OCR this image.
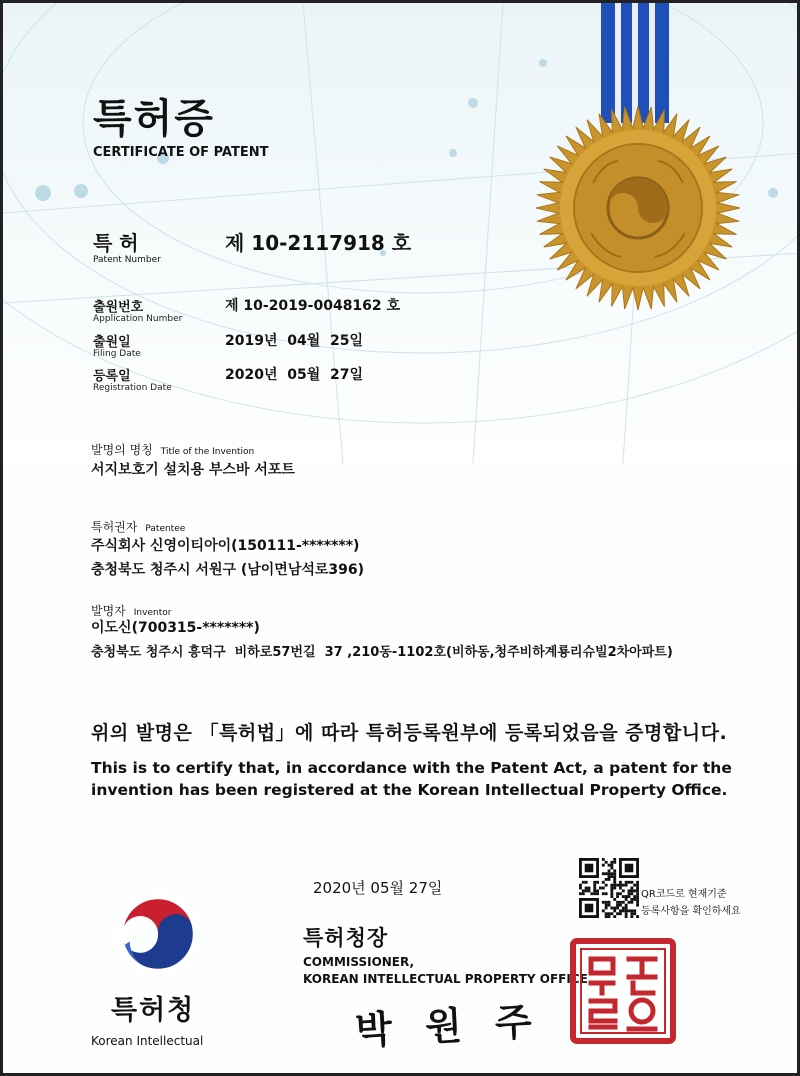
특허증
CERTIFICATE OF PATENT
특 허
Patent Number
제 10-2117918 호
출원번호
Application Number
제 10-2019-0048162 호
출원일
Filing Date
2019년  04월  25일
등록일
Registration Date
2020년  05월  27일
발명의 명칭 Title of the Invention
서지보호기 설치용 부스바 서포트
특허권자 Patentee
주식회사 신영이티아이(150111-*******)
충청북도 청주시 서원구 (남이면남석로396)
발명자 Inventor
이도신(700315-*******)
충청북도 청주시 흥덕구  비하로57번길  37 ,210동-1102호(비하동,청주비하계룡리슈빌2차아파트)
위의 발명은 「특허법」에 따라 특허등록원부에 등록되었음을 증명합니다.
This is to certify that, in accordance with the Patent Act, a patent for the invention has been registered at the Korean Intellectual Property Office.
2020년 05월 27일	QR코드로 현재기준
등록사항을 확인하세요
특허청장
COMMISSIONER,
KOREAN INTELLECTUAL PROPERTY OFFICE
박 원 주
특허청
Korean Intellectual
